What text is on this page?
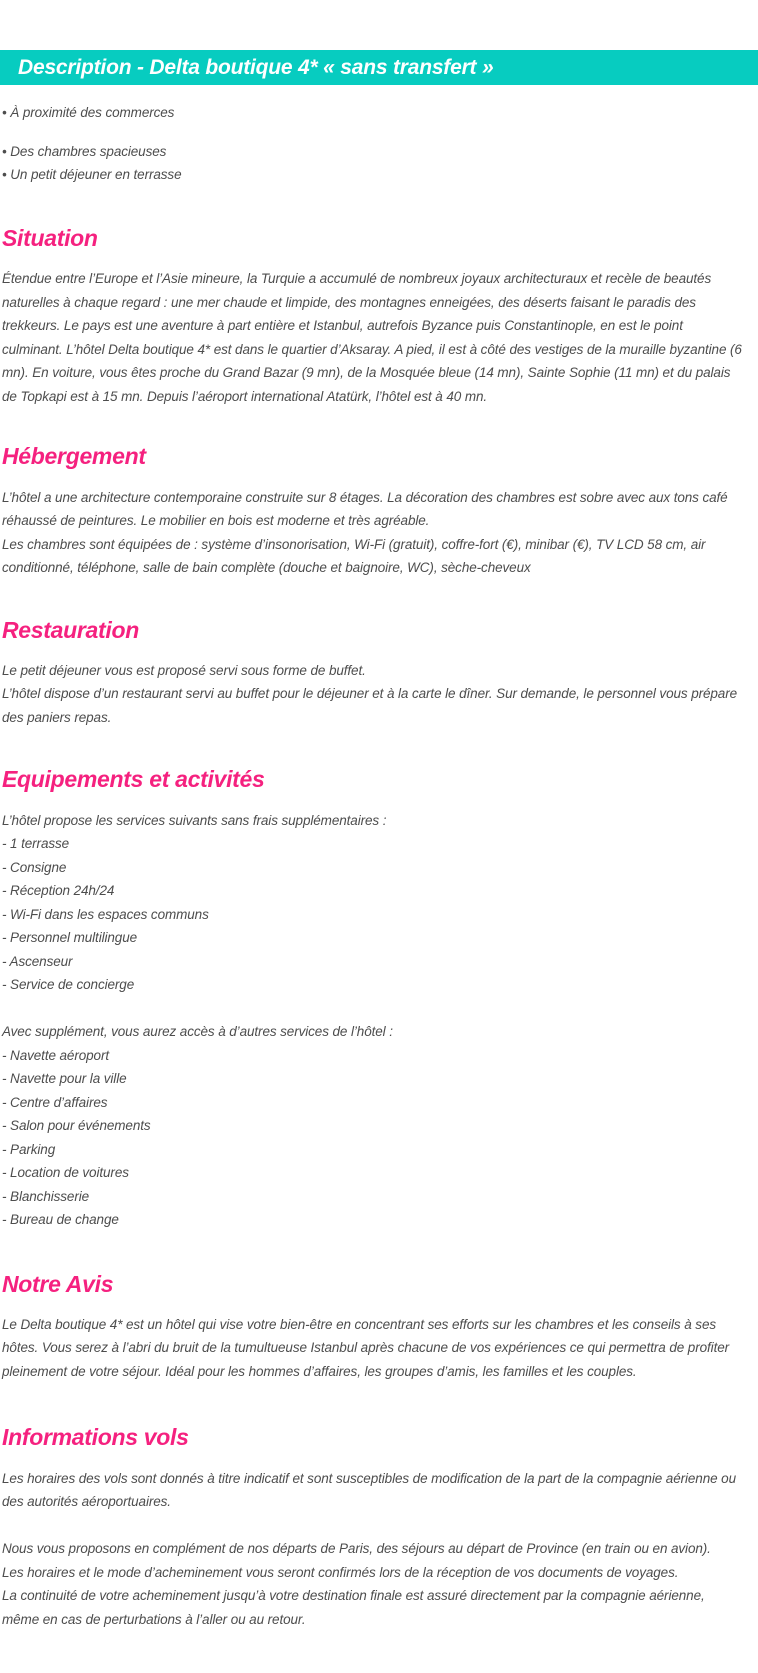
Description - Delta boutique 4* « sans transfert »
• À proximité des commerces
• Des chambres spacieuses
• Un petit déjeuner en terrasse
Situation

Étendue entre l’Europe et l’Asie mineure, la Turquie a accumulé de nombreux joyaux architecturaux et recèle de beautés naturelles à chaque regard : une mer chaude et limpide, des montagnes enneigées, des déserts faisant le paradis des trekkeurs. Le pays est une aventure à part entière et Istanbul, autrefois Byzance puis Constantinople, en est le point culminant. L’hôtel Delta boutique 4* est dans le quartier d’Aksaray. A pied, il est à côté des vestiges de la muraille byzantine (6 mn). En voiture, vous êtes proche du Grand Bazar (9 mn), de la Mosquée bleue (14 mn), Sainte Sophie (11 mn) et du palais de Topkapi est à 15 mn. Depuis l’aéroport international Atatürk, l’hôtel est à 40 mn.

Hébergement

L’hôtel a une architecture contemporaine construite sur 8 étages. La décoration des chambres est sobre avec aux tons café réhaussé de peintures. Le mobilier en bois est moderne et très agréable.

Les chambres sont équipées de : système d’insonorisation, Wi-Fi (gratuit), coffre-fort (€), minibar (€), TV LCD 58 cm, air conditionné, téléphone, salle de bain complète (douche et baignoire, WC), sèche-cheveux

Restauration

Le petit déjeuner vous est proposé servi sous forme de buffet.

L’hôtel dispose d’un restaurant servi au buffet pour le déjeuner et à la carte le dîner. Sur demande, le personnel vous prépare des paniers repas.

Equipements et activités
L’hôtel propose les services suivants sans frais supplémentaires :
- 1 terrasse
- Consigne
- Réception 24h/24
- Wi-Fi dans les espaces communs
- Personnel multilingue
- Ascenseur
- Service de concierge
Avec supplément, vous aurez accès à d’autres services de l’hôtel :
- Navette aéroport
- Navette pour la ville
- Centre d’affaires
- Salon pour événements
- Parking
- Location de voitures
- Blanchisserie
- Bureau de change
Notre Avis

Le Delta boutique 4* est un hôtel qui vise votre bien-être en concentrant ses efforts sur les chambres et les conseils à ses hôtes. Vous serez à l’abri du bruit de la tumultueuse Istanbul après chacune de vos expériences ce qui permettra de profiter pleinement de votre séjour. Idéal pour les hommes d’affaires, les groupes d’amis, les familles et les couples.

Informations vols

Les horaires des vols sont donnés à titre indicatif et sont susceptibles de modification de la part de la compagnie aérienne ou des autorités aéroportuaires.

Nous vous proposons en complément de nos départs de Paris, des séjours au départ de Province (en train ou en avion).

Les horaires et le mode d’acheminement vous seront confirmés lors de la réception de vos documents de voyages.

La continuité de votre acheminement jusqu’à votre destination finale est assuré directement par la compagnie aérienne, même en cas de perturbations à l’aller ou au retour.
